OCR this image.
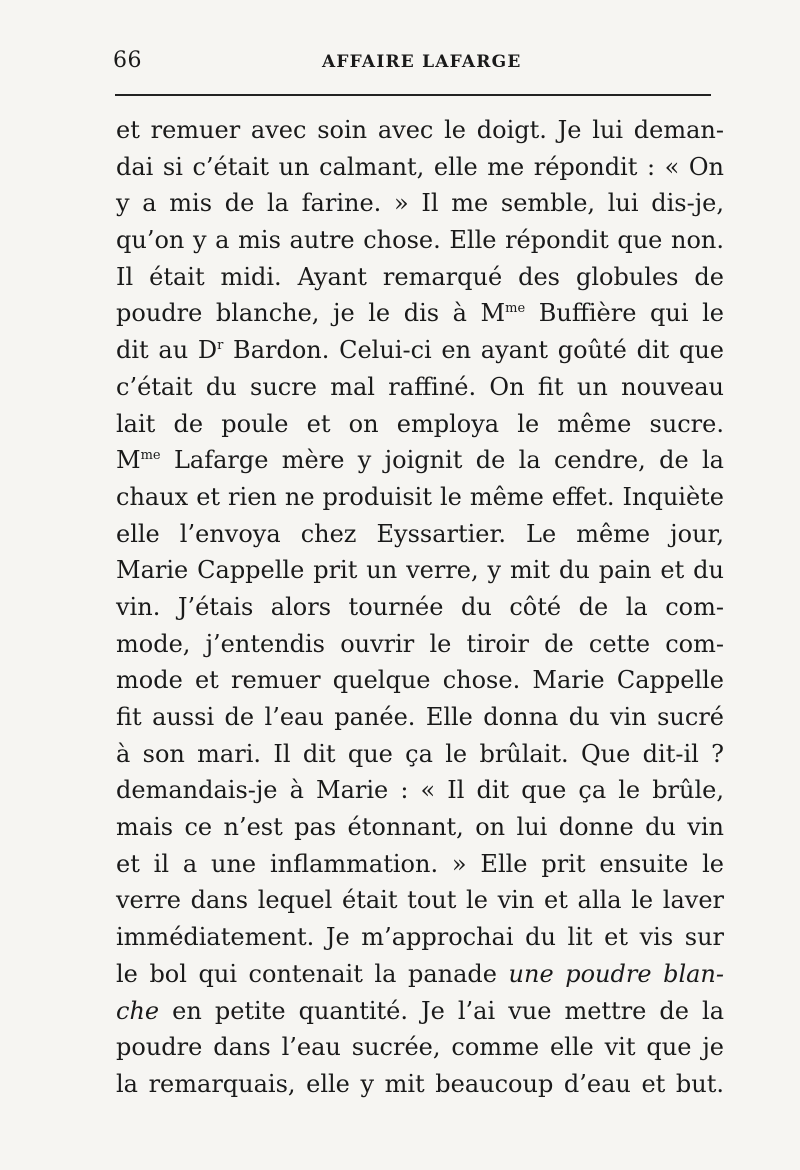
66	AFFAIRE LAFARGE
et remuer avec soin avec le doigt. Je lui deman-
dai si c’était un calmant, elle me répondit : « On
y a mis de la farine. » Il me semble, lui dis-je,
qu’on y a mis autre chose. Elle répondit que non.
Il était midi. Ayant remarqué des globules de
poudre blanche, je le dis à $M^{me}$ Buffière qui le
dit au $D^r$ Bardon. Celui-ci en ayant goûté dit que
c’était du sucre mal raffiné. On fit un nouveau
lait de poule et on employa le même sucre.
$M^{me}$ Lafarge mère y joignit de la cendre, de la
chaux et rien ne produisit le même effet. Inquiète
elle l’envoya chez Eyssartier. Le même jour,
Marie Cappelle prit un verre, y mit du pain et du
vin. J’étais alors tournée du côté de la com-
mode, j’entendis ouvrir le tiroir de cette com-
mode et remuer quelque chose. Marie Cappelle
fit aussi de l’eau panée. Elle donna du vin sucré
à son mari. Il dit que ça le brûlait. Que dit-il ?
demandais-je à Marie : « Il dit que ça le brûle,
mais ce n’est pas étonnant, on lui donne du vin
et il a une inflammation. » Elle prit ensuite le
verre dans lequel était tout le vin et alla le laver
immédiatement. Je m’approchai du lit et vis sur
le bol qui contenait la panade une poudre blan-
che en petite quantité. Je l’ai vue mettre de la
poudre dans l’eau sucrée, comme elle vit que je
la remarquais, elle y mit beaucoup d’eau et but.
